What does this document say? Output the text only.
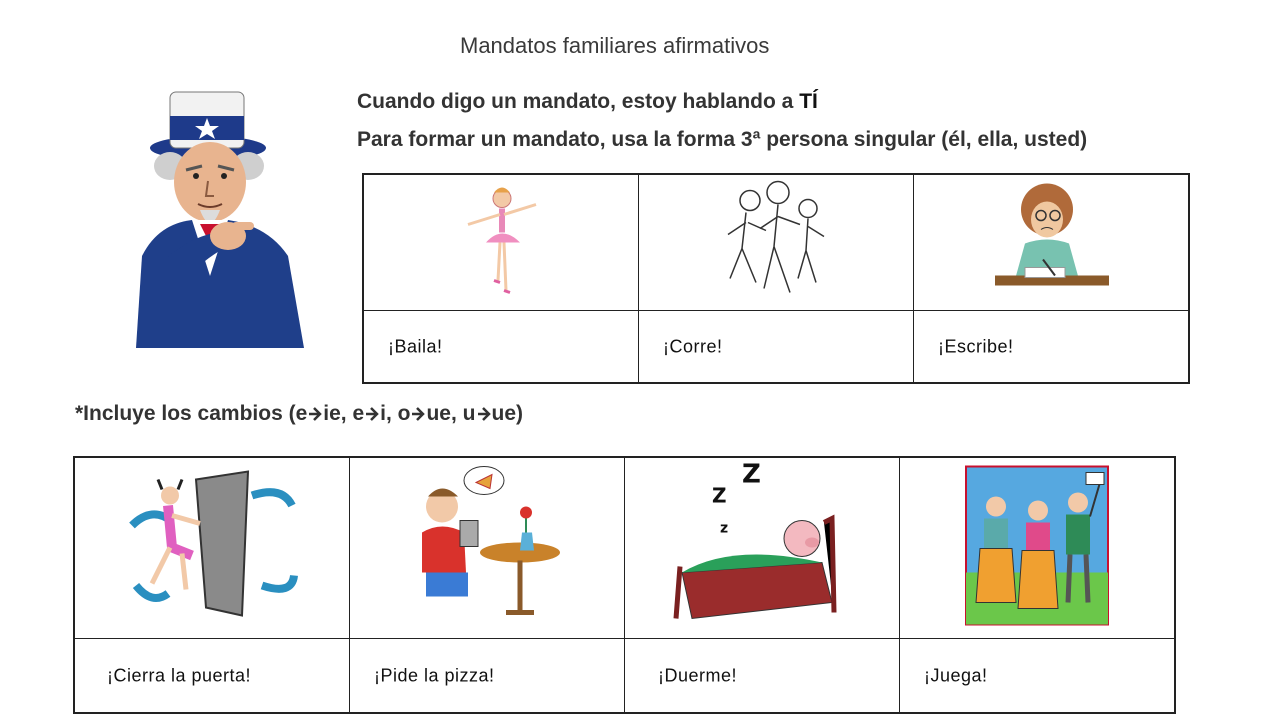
Mandatos familiares afirmativos
Cuando digo un mandato, estoy hablando a TÍ
Para formar un mandato, usa la forma 3ª persona singular (él, ella, usted)
¡Baila!	¡Corre!	¡Escribe!
*Incluye los cambios (e ie, e i, o ue, u ue)
Z
Z
z
¡Cierra la puerta!	¡Pide la pizza!	¡Duerme!	¡Juega!
